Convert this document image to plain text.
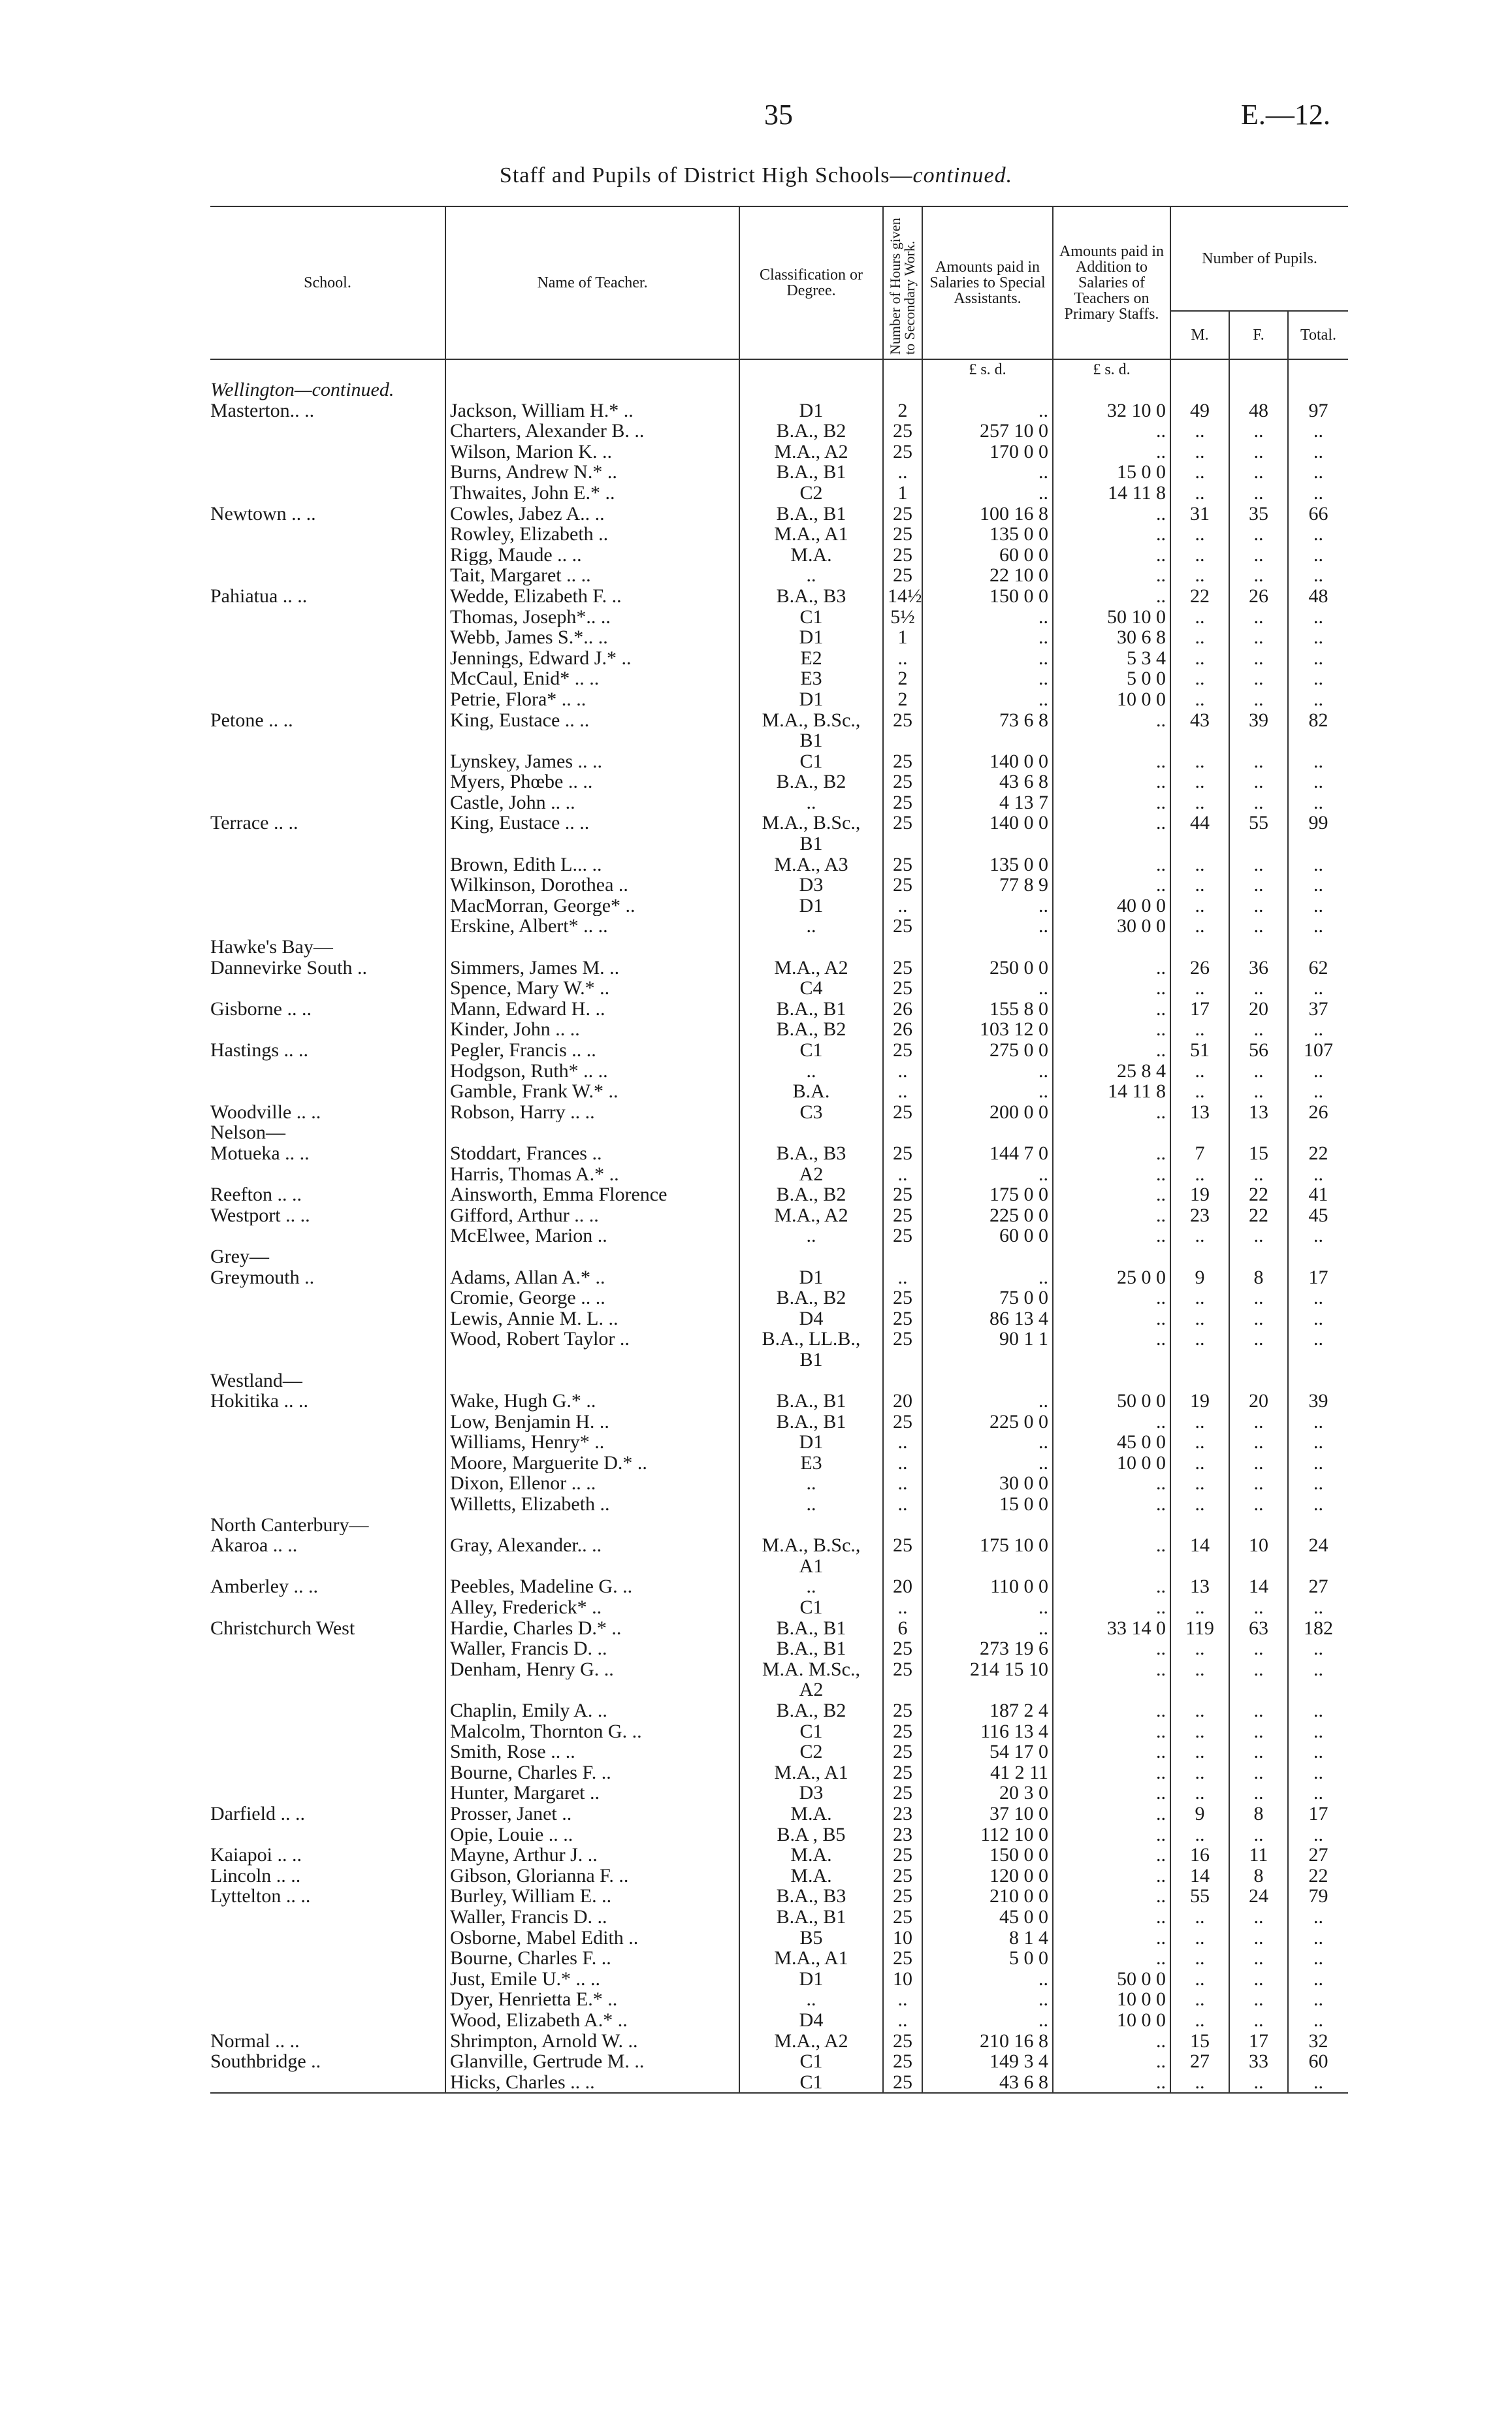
35	E.—12.
Staff and Pupils of District High Schools—continued.
School.	Name of Teacher.	Classification or Degree.	Number of Hours given to Secondary Work.	Amounts paid in Salaries to Special Assistants.	Amounts paid in Addition to Salaries of Teachers on Primary Staffs.	Number of Pupils.		
						M.	F.	Total.
				£ s. d.	£ s. d.			
Wellington—continued.								
Masterton.. ..	Jackson, William H.* ..	D1	2	..	32 10 0	49	48	97
	Charters, Alexander B. ..	B.A., B2	25	257 10 0	..	..	..	..
	Wilson, Marion K. ..	M.A., A2	25	170 0 0	..	..	..	..
	Burns, Andrew N.* ..	B.A., B1	..	..	15 0 0	..	..	..
	Thwaites, John E.* ..	C2	1	..	14 11 8	..	..	..
Newtown .. ..	Cowles, Jabez A.. ..	B.A., B1	25	100 16 8	..	31	35	66
	Rowley, Elizabeth ..	M.A., A1	25	135 0 0	..	..	..	..
	Rigg, Maude .. ..	M.A.	25	60 0 0	..	..	..	..
	Tait, Margaret .. ..	..	25	22 10 0	..	..	..	..
Pahiatua .. ..	Wedde, Elizabeth F. ..	B.A., B3	14½	150 0 0	..	22	26	48
	Thomas, Joseph*.. ..	C1	5½	..	50 10 0	..	..	..
	Webb, James S.*.. ..	D1	1	..	30 6 8	..	..	..
	Jennings, Edward J.* ..	E2	..	..	5 3 4	..	..	..
	McCaul, Enid* .. ..	E3	2	..	5 0 0	..	..	..
	Petrie, Flora* .. ..	D1	2	..	10 0 0	..	..	..
Petone .. ..	King, Eustace .. ..	M.A., B.Sc.,	25	73 6 8	..	43	39	82
		B1						
	Lynskey, James .. ..	C1	25	140 0 0	..	..	..	..
	Myers, Phœbe .. ..	B.A., B2	25	43 6 8	..	..	..	..
	Castle, John .. ..	..	25	4 13 7	..	..	..	..
Terrace .. ..	King, Eustace .. ..	M.A., B.Sc.,	25	140 0 0	..	44	55	99
		B1						
	Brown, Edith L... ..	M.A., A3	25	135 0 0	..	..	..	..
	Wilkinson, Dorothea ..	D3	25	77 8 9	..	..	..	..
	MacMorran, George* ..	D1	..	..	40 0 0	..	..	..
	Erskine, Albert* .. ..	..	25	..	30 0 0	..	..	..
Hawke's Bay—								
Dannevirke South ..	Simmers, James M. ..	M.A., A2	25	250 0 0	..	26	36	62
	Spence, Mary W.* ..	C4	25	..	..	..	..	..
Gisborne .. ..	Mann, Edward H. ..	B.A., B1	26	155 8 0	..	17	20	37
	Kinder, John .. ..	B.A., B2	26	103 12 0	..	..	..	..
Hastings .. ..	Pegler, Francis .. ..	C1	25	275 0 0	..	51	56	107
	Hodgson, Ruth* .. ..	..	..	..	25 8 4	..	..	..
	Gamble, Frank W.* ..	B.A.	..	..	14 11 8	..	..	..
Woodville .. ..	Robson, Harry .. ..	C3	25	200 0 0	..	13	13	26
Nelson—								
Motueka .. ..	Stoddart, Frances ..	B.A., B3	25	144 7 0	..	7	15	22
	Harris, Thomas A.* ..	A2	..	..	..	..	..	..
Reefton .. ..	Ainsworth, Emma Florence	B.A., B2	25	175 0 0	..	19	22	41
Westport .. ..	Gifford, Arthur .. ..	M.A., A2	25	225 0 0	..	23	22	45
	McElwee, Marion ..	..	25	60 0 0	..	..	..	..
Grey—								
Greymouth ..	Adams, Allan A.* ..	D1	..	..	25 0 0	9	8	17
	Cromie, George .. ..	B.A., B2	25	75 0 0	..	..	..	..
	Lewis, Annie M. L. ..	D4	25	86 13 4	..	..	..	..
	Wood, Robert Taylor ..	B.A., LL.B.,	25	90 1 1	..	..	..	..
		B1						
Westland—								
Hokitika .. ..	Wake, Hugh G.* ..	B.A., B1	20	..	50 0 0	19	20	39
	Low, Benjamin H. ..	B.A., B1	25	225 0 0	..	..	..	..
	Williams, Henry* ..	D1	..	..	45 0 0	..	..	..
	Moore, Marguerite D.* ..	E3	..	..	10 0 0	..	..	..
	Dixon, Ellenor .. ..	..	..	30 0 0	..	..	..	..
	Willetts, Elizabeth ..	..	..	15 0 0	..	..	..	..
North Canterbury—								
Akaroa .. ..	Gray, Alexander.. ..	M.A., B.Sc.,	25	175 10 0	..	14	10	24
		A1						
Amberley .. ..	Peebles, Madeline G. ..	..	20	110 0 0	..	13	14	27
	Alley, Frederick* ..	C1	..	..	..	..	..	..
Christchurch West	Hardie, Charles D.* ..	B.A., B1	6	..	33 14 0	119	63	182
	Waller, Francis D. ..	B.A., B1	25	273 19 6	..	..	..	..
	Denham, Henry G. ..	M.A. M.Sc.,	25	214 15 10	..	..	..	..
		A2						
	Chaplin, Emily A. ..	B.A., B2	25	187 2 4	..	..	..	..
	Malcolm, Thornton G. ..	C1	25	116 13 4	..	..	..	..
	Smith, Rose .. ..	C2	25	54 17 0	..	..	..	..
	Bourne, Charles F. ..	M.A., A1	25	41 2 11	..	..	..	..
	Hunter, Margaret ..	D3	25	20 3 0	..	..	..	..
Darfield .. ..	Prosser, Janet ..	M.A.	23	37 10 0	..	9	8	17
	Opie, Louie .. ..	B.A , B5	23	112 10 0	..	..	..	..
Kaiapoi .. ..	Mayne, Arthur J. ..	M.A.	25	150 0 0	..	16	11	27
Lincoln .. ..	Gibson, Glorianna F. ..	M.A.	25	120 0 0	..	14	8	22
Lyttelton .. ..	Burley, William E. ..	B.A., B3	25	210 0 0	..	55	24	79
	Waller, Francis D. ..	B.A., B1	25	45 0 0	..	..	..	..
	Osborne, Mabel Edith ..	B5	10	8 1 4	..	..	..	..
	Bourne, Charles F. ..	M.A., A1	25	5 0 0	..	..	..	..
	Just, Emile U.* .. ..	D1	10	..	50 0 0	..	..	..
	Dyer, Henrietta E.* ..	..	..	..	10 0 0	..	..	..
	Wood, Elizabeth A.* ..	D4	..	..	10 0 0	..	..	..
Normal .. ..	Shrimpton, Arnold W. ..	M.A., A2	25	210 16 8	..	15	17	32
Southbridge ..	Glanville, Gertrude M. ..	C1	25	149 3 4	..	27	33	60
	Hicks, Charles .. ..	C1	25	43 6 8	..	..	..	..
